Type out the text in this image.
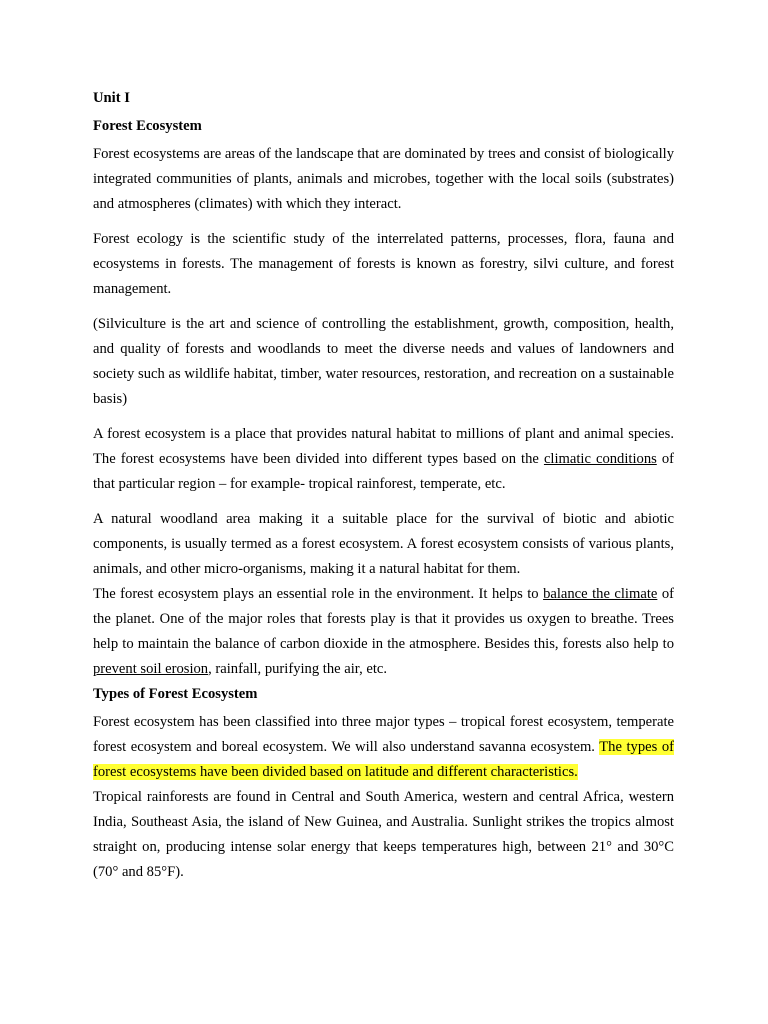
Unit I
Forest Ecosystem

Forest ecosystems are areas of the landscape that are dominated by trees and consist of biologically integrated communities of plants, animals and microbes, together with the local soils (substrates) and atmospheres (climates) with which they interact.

Forest ecology is the scientific study of the interrelated patterns, processes, flora, fauna and ecosystems in forests. The management of forests is known as forestry, silvi culture, and forest management.

(Silviculture is the art and science of controlling the establishment, growth, composition, health, and quality of forests and woodlands to meet the diverse needs and values of landowners and society such as wildlife habitat, timber, water resources, restoration, and recreation on a sustainable basis)

A forest ecosystem is a place that provides natural habitat to millions of plant and animal species. The forest ecosystems have been divided into different types based on the climatic conditions of that particular region – for example- tropical rainforest, temperate, etc.

A natural woodland area making it a suitable place for the survival of biotic and abiotic components, is usually termed as a forest ecosystem. A forest ecosystem consists of various plants, animals, and other micro-organisms, making it a natural habitat for them.

The forest ecosystem plays an essential role in the environment. It helps to balance the climate of the planet. One of the major roles that forests play is that it provides us oxygen to breathe. Trees help to maintain the balance of carbon dioxide in the atmosphere. Besides this, forests also help to prevent soil erosion, rainfall, purifying the air, etc.

Types of Forest Ecosystem

Forest ecosystem has been classified into three major types – tropical forest ecosystem, temperate forest ecosystem and boreal ecosystem. We will also understand savanna ecosystem. The types of forest ecosystems have been divided based on latitude and different characteristics.

Tropical rainforests are found in Central and South America, western and central Africa, western India, Southeast Asia, the island of New Guinea, and Australia. Sunlight strikes the tropics almost straight on, producing intense solar energy that keeps temperatures high, between 21° and 30°C (70° and 85°F).
